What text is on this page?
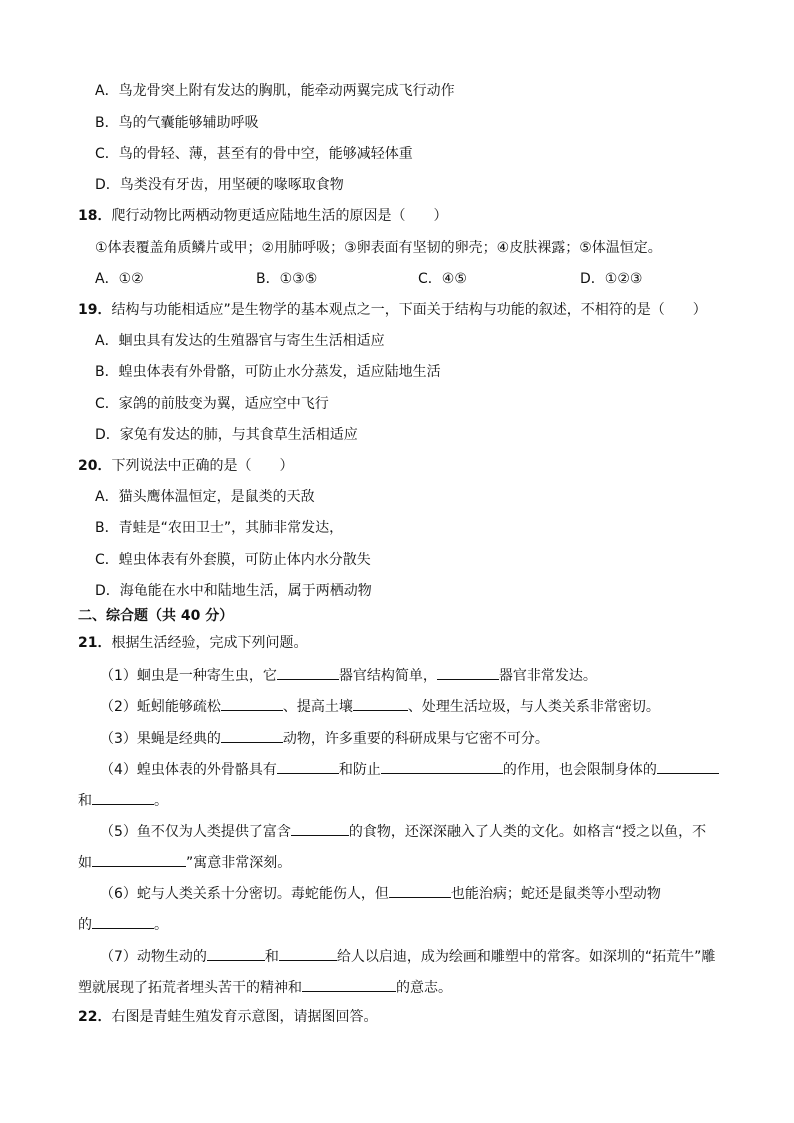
A．鸟龙骨突上附有发达的胸肌，能牵动两翼完成飞行动作
B．鸟的气囊能够辅助呼吸
C．鸟的骨轻、薄，甚至有的骨中空，能够减轻体重
D．鸟类没有牙齿，用坚硬的喙啄取食物
18．爬行动物比两栖动物更适应陆地生活的原因是（　　）
①体表覆盖角质鳞片或甲；②用肺呼吸；③卵表面有坚韧的卵壳；④皮肤裸露；⑤体温恒定。
A．①②	B．①③⑤	C．④⑤	D．①②③
19．结构与功能相适应”是生物学的基本观点之一，下面关于结构与功能的叙述，不相符的是（　　）
A．蛔虫具有发达的生殖器官与寄生生活相适应
B．蝗虫体表有外骨骼，可防止水分蒸发，适应陆地生活
C．家鸽的前肢变为翼，适应空中飞行
D．家兔有发达的肺，与其食草生活相适应
20．下列说法中正确的是（　　）
A．猫头鹰体温恒定，是鼠类的天敌
B．青蛙是“农田卫士”，其肺非常发达，
C．蝗虫体表有外套膜，可防止体内水分散失
D．海龟能在水中和陆地生活，属于两栖动物
二、综合题（共 40 分）
21．根据生活经验，完成下列问题。
（1）蛔虫是一种寄生虫，它	器官结构简单，	器官非常发达。
（2）蚯蚓能够疏松	、提高土壤	、处理生活垃圾，与人类关系非常密切。
（3）果蝇是经典的	动物，许多重要的科研成果与它密不可分。
（4）蝗虫体表的外骨骼具有	和防止	的作用，也会限制身体的
和	。
（5）鱼不仅为人类提供了富含	的食物，还深深融入了人类的文化。如格言“授之以鱼，不
如	”寓意非常深刻。
（6）蛇与人类关系十分密切。毒蛇能伤人，但	也能治病；蛇还是鼠类等小型动物
的	。
（7）动物生动的	和	给人以启迪，成为绘画和雕塑中的常客。如深圳的“拓荒牛”雕
塑就展现了拓荒者埋头苦干的精神和	的意志。
22．右图是青蛙生殖发育示意图，请据图回答。
